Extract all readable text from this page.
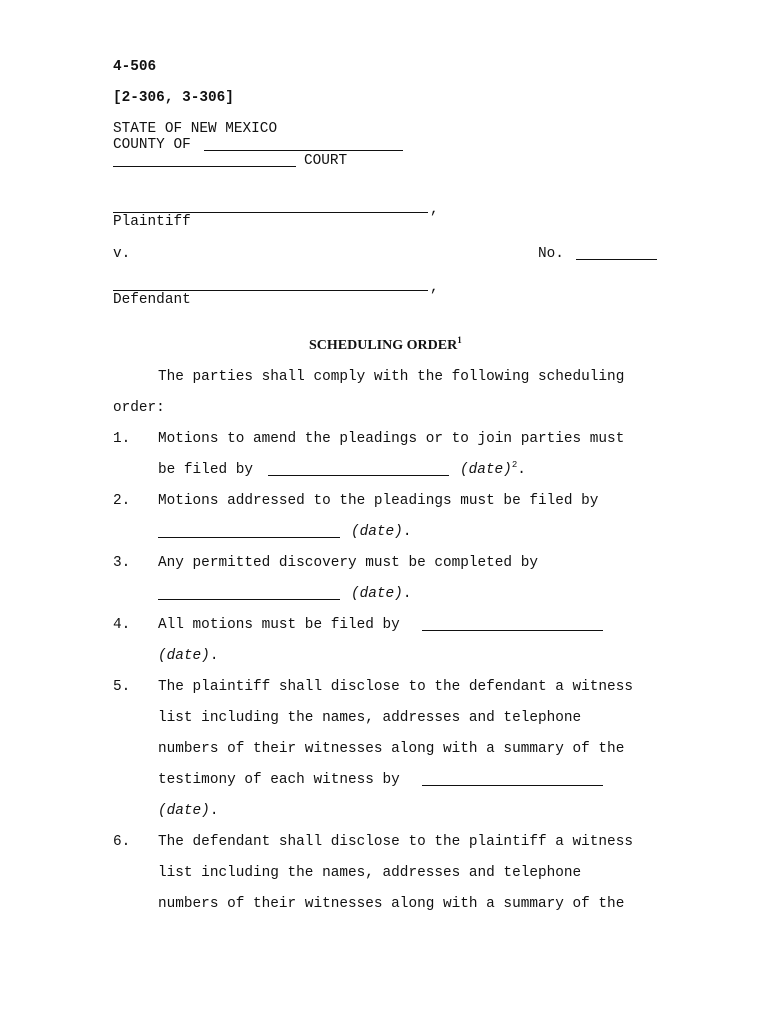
4-506
[2-306, 3-306]
STATE OF NEW MEXICO
COUNTY OF
COURT
,
Plaintiff
v.	No.
,
Defendant
SCHEDULING ORDER$^1$
The parties shall comply with the following scheduling
order:
1. Motions to amend the pleadings or to join parties must
be filed by	(date)$^2$.
2. Motions addressed to the pleadings must be filed by
(date).
3. Any permitted discovery must be completed by
(date).
4. All motions must be filed by
(date).
5. The plaintiff shall disclose to the defendant a witness
list including the names, addresses and telephone
numbers of their witnesses along with a summary of the
testimony of each witness by
(date).
6. The defendant shall disclose to the plaintiff a witness
list including the names, addresses and telephone
numbers of their witnesses along with a summary of the
